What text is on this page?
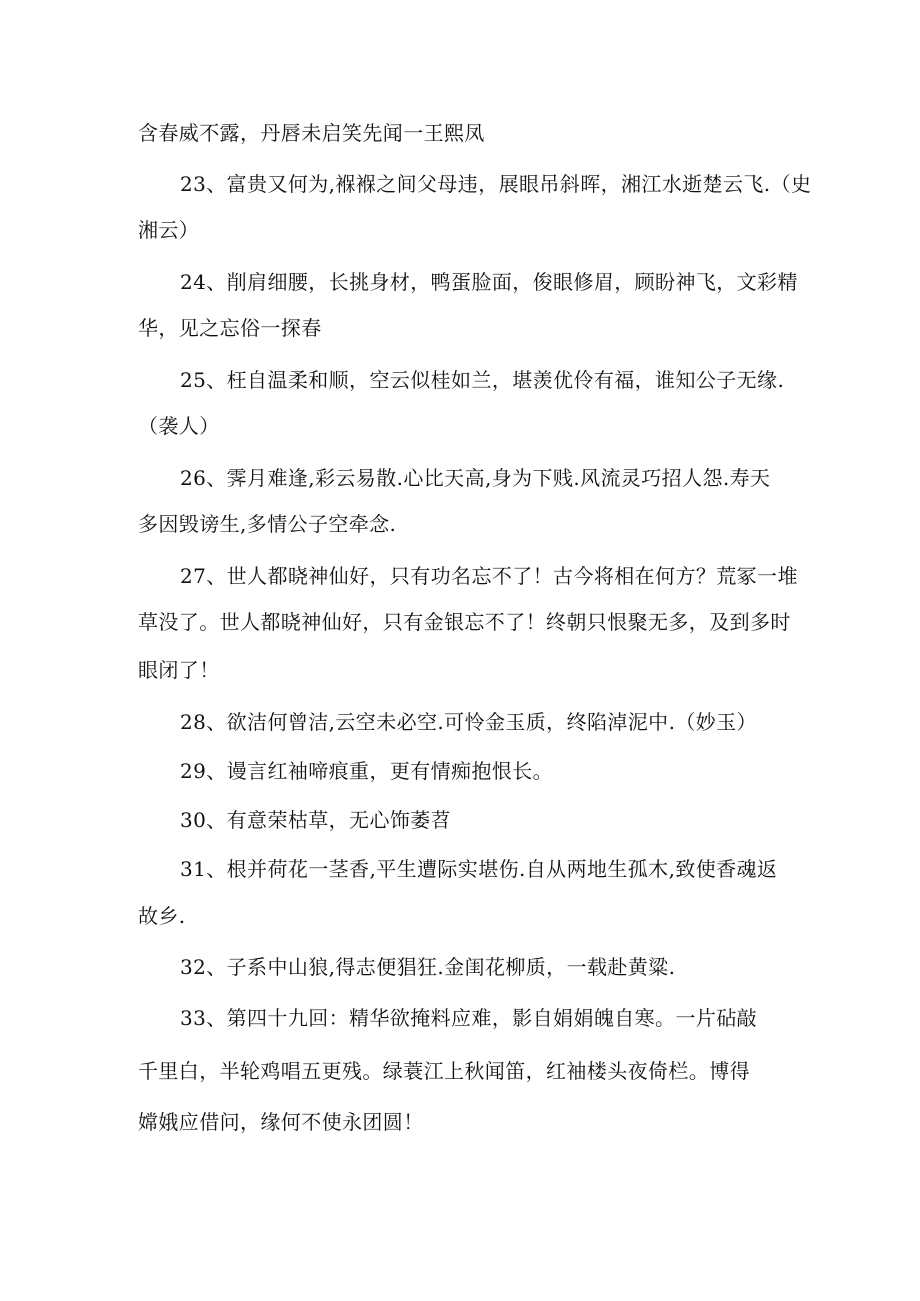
含春威不露，丹唇未启笑先闻一王熙凤
23、富贵又何为,褓褓之间父母违，展眼吊斜晖，湘江水逝楚云飞.（史
湘云）
24、削肩细腰，长挑身材，鸭蛋脸面，俊眼修眉，顾盼神飞，文彩精
华，见之忘俗一探春
25、枉自温柔和顺，空云似桂如兰，堪羡优伶有福，谁知公子无缘.
（袭人）
26、霁月难逢,彩云易散.心比天高,身为下贱.风流灵巧招人怨.寿天
多因毁谤生,多情公子空牵念.
27、世人都晓神仙好，只有功名忘不了！古今将相在何方？荒冢一堆
草没了。世人都晓神仙好，只有金银忘不了！终朝只恨聚无多，及到多时
眼闭了！
28、欲洁何曾洁,云空未必空.可怜金玉质，终陷淖泥中.（妙玉）
29、谩言红袖啼痕重，更有情痴抱恨长。
30、有意荣枯草，无心饰萎苕
31、根并荷花一茎香,平生遭际实堪伤.自从两地生孤木,致使香魂返
故乡.
32、子系中山狼,得志便猖狂.金闺花柳质，一载赴黄粱.
33、第四十九回：精华欲掩料应难，影自娟娟魄自寒。一片砧敲
千里白，半轮鸡唱五更残。绿蓑江上秋闻笛，红袖楼头夜倚栏。博得
嫦娥应借问，缘何不使永团圆！
